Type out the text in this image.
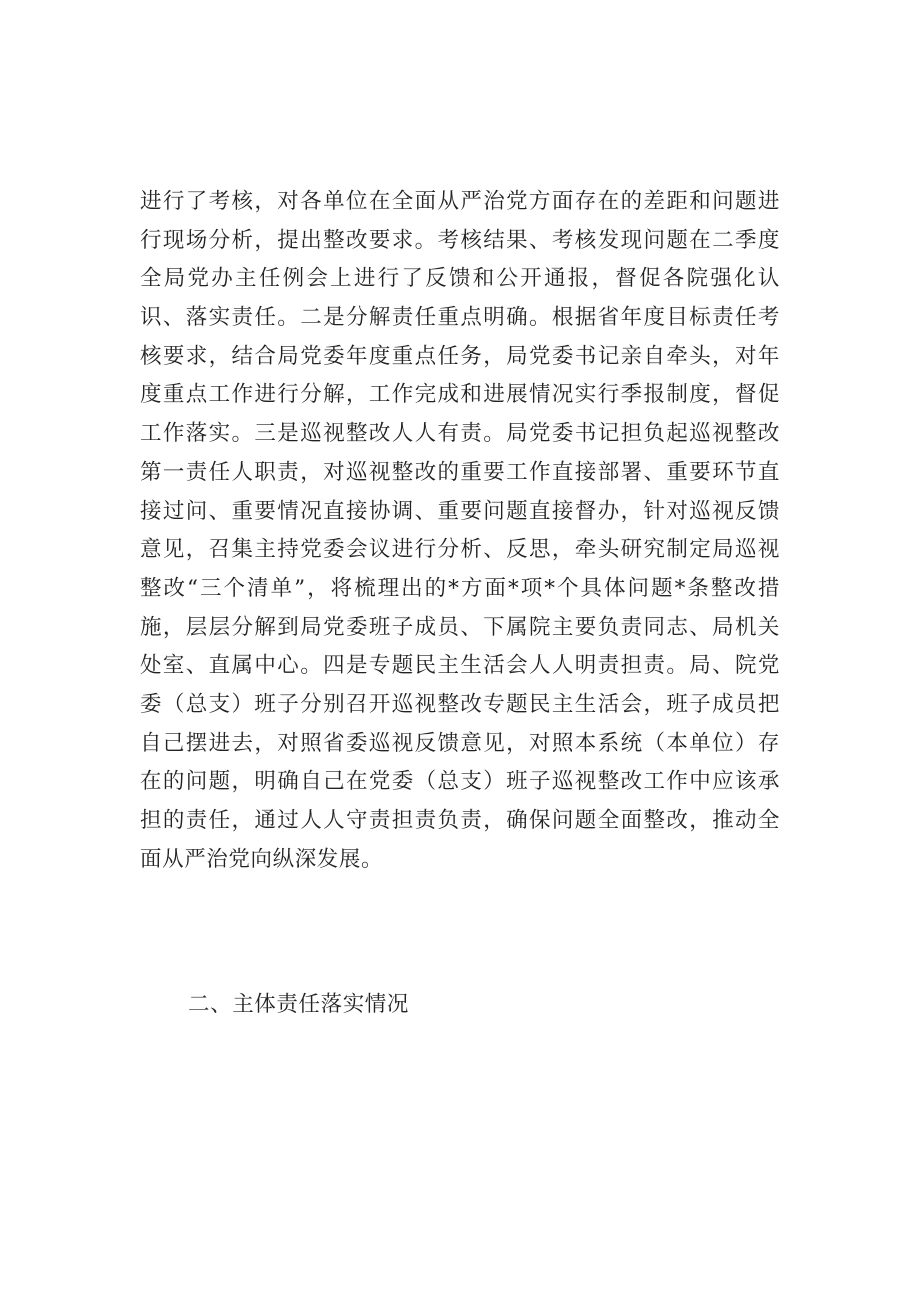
进行了考核，对各单位在全面从严治党方面存在的差距和问题进
行现场分析，提出整改要求。考核结果、考核发现问题在二季度
全局党办主任例会上进行了反馈和公开通报，督促各院强化认
识、落实责任。二是分解责任重点明确。根据省年度目标责任考
核要求，结合局党委年度重点任务，局党委书记亲自牵头，对年
度重点工作进行分解，工作完成和进展情况实行季报制度，督促
工作落实。三是巡视整改人人有责。局党委书记担负起巡视整改
第一责任人职责，对巡视整改的重要工作直接部署、重要环节直
接过问、重要情况直接协调、重要问题直接督办，针对巡视反馈
意见，召集主持党委会议进行分析、反思，牵头研究制定局巡视
整改“三个清单”，将梳理出的*方面*项*个具体问题*条整改措
施，层层分解到局党委班子成员、下属院主要负责同志、局机关
处室、直属中心。四是专题民主生活会人人明责担责。局、院党
委（总支）班子分别召开巡视整改专题民主生活会，班子成员把
自己摆进去，对照省委巡视反馈意见，对照本系统（本单位）存
在的问题，明确自己在党委（总支）班子巡视整改工作中应该承
担的责任，通过人人守责担责负责，确保问题全面整改，推动全
面从严治党向纵深发展。
二、主体责任落实情况
